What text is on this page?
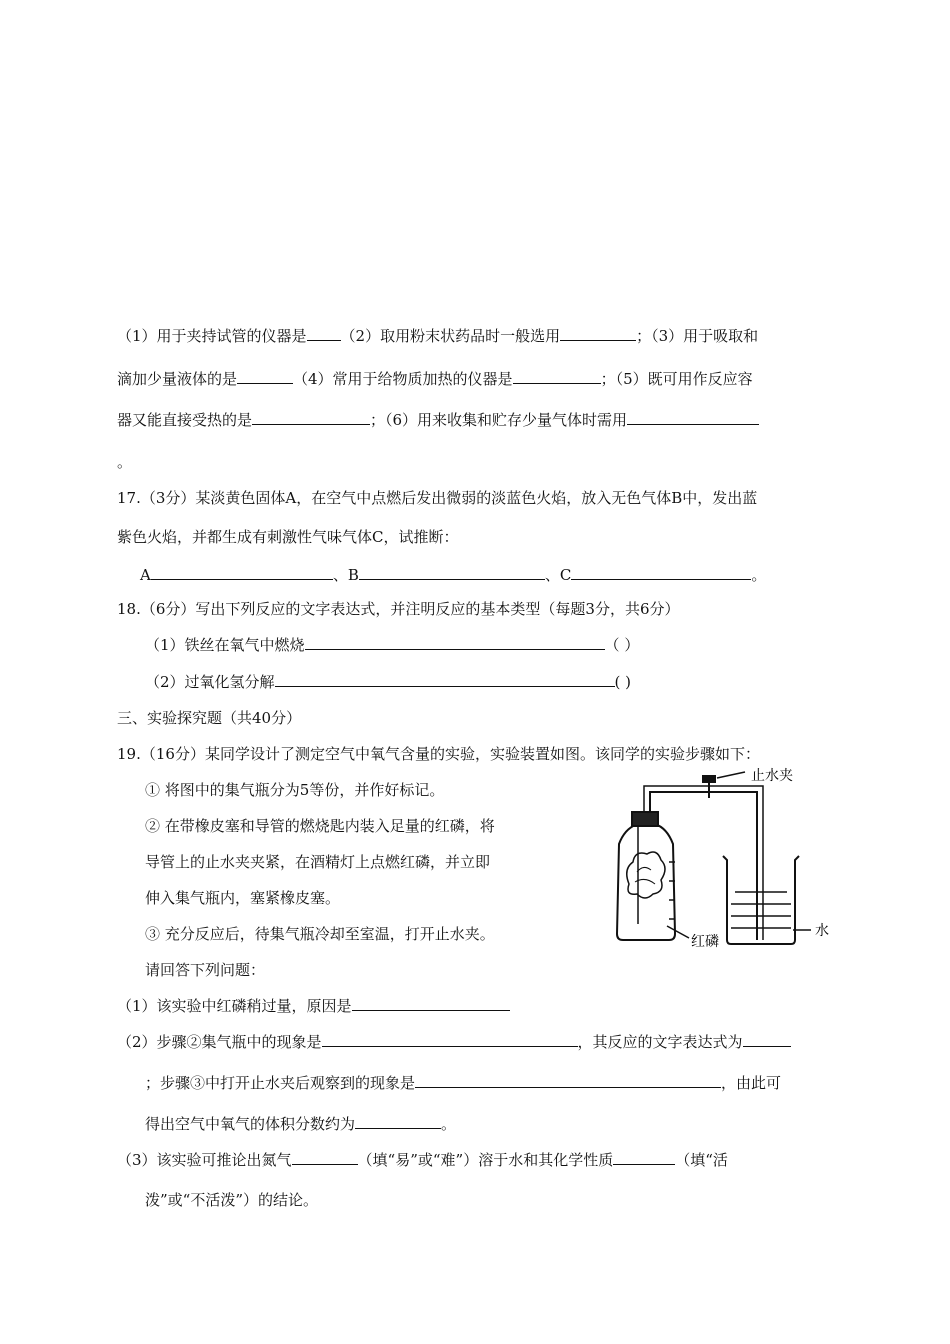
（1）用于夹持试管的仪器是 （2）取用粉末状药品时一般选用	；（3）用于吸取和
滴加少量液体的是	（4）常用于给物质加热的仪器是	；（5）既可用作反应容
器又能直接受热的是	；（6）用来收集和贮存少量气体时需用
。
17.（3分）某淡黄色固体A，在空气中点燃后发出微弱的淡蓝色火焰，放入无色气体B中，发出蓝
紫色火焰，并都生成有刺激性气味气体C，试推断：
A	、B	、C	。
18.（6分）写出下列反应的文字表达式，并注明反应的基本类型（每题3分，共6分）
（1）铁丝在氧气中燃烧	（ ）
（2）过氧化氢分解	( )
三、实验探究题（共40分）
19.（16分）某同学设计了测定空气中氧气含量的实验，实验装置如图。该同学的实验步骤如下：
① 将图中的集气瓶分为5等份，并作好标记。
② 在带橡皮塞和导管的燃烧匙内装入足量的红磷，将
导管上的止水夹夹紧，在酒精灯上点燃红磷，并立即
伸入集气瓶内，塞紧橡皮塞。
③ 充分反应后，待集气瓶冷却至室温，打开止水夹。
请回答下列问题：
（1）该实验中红磷稍过量，原因是
（2）步骤②集气瓶中的现象是	，其反应的文字表达式为
；步骤③中打开止水夹后观察到的现象是	，由此可
得出空气中氧气的体积分数约为	。
（3）该实验可推论出氮气	（填“易”或“难”）溶于水和其化学性质	（填“活
泼”或“不活泼”）的结论。
止水夹
红磷
水
